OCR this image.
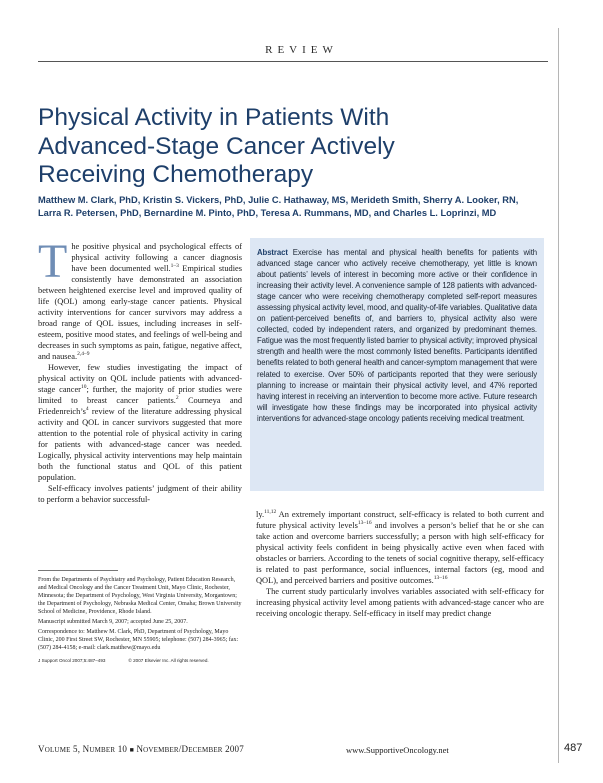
REVIEW
Physical Activity in Patients With
Advanced-Stage Cancer Actively
Receiving Chemotherapy
Matthew M. Clark, PhD, Kristin S. Vickers, PhD, Julie C. Hathaway, MS, Merideth Smith, Sherry A. Looker, RN,
Larra R. Petersen, PhD, Bernardine M. Pinto, PhD, Teresa A. Rummans, MD, and Charles L. Loprinzi, MD

The positive physical and psychological effects of physical activity following a cancer diagnosis have been documented well.$^{1-3}$ Empirical studies consistently have demonstrated an association between heightened exercise level and improved quality of life (QOL) among early-stage cancer patients. Physical activity interventions for cancer survivors may address a broad range of QOL issues, including increases in self-esteem, positive mood states, and feelings of well-being and decreases in such symptoms as pain, fatigue, negative affect, and nausea.$^{2,4-9}$

However, few studies investigating the impact of physical activity on QOL include patients with advanced-stage cancer$^{10}$; further, the majority of prior studies were limited to breast cancer patients.$^2$ Courneya and $Friedenreich’s^4$ review of the literature addressing physical activity and QOL in cancer survivors suggested that more attention to the potential role of physical activity in caring for patients with advanced-stage cancer was needed. Logically, physical activity interventions may help maintain both the functional status and QOL of this patient population.

Self-efficacy involves patients’ judgment of their ability to perform a behavior successful-

From the Departments of Psychiatry and Psychology, Patient Education Research, and Medical Oncology and the Cancer Treatment Unit, Mayo Clinic, Rochester, Minnesota; the Department of Psychology, West Virginia University, Morgantown; the Department of Psychology, Nebraska Medical Center, Omaha; Brown University School of Medicine, Providence, Rhode Island.

Manuscript submitted March 9, 2007; accepted June 25, 2007.

Correspondence to: Matthew M. Clark, PhD, Department of Psychology, Mayo Clinic, 200 First Street SW, Rochester, MN 55905; telephone: (507) 284-3965; fax: (507) 284-4158; e-mail: clark.matthew@mayo.edu

J Support Oncol 2007;5:487–493	© 2007 Elsevier Inc. All rights reserved.

Abstract Exercise has mental and physical health benefits for patients with advanced stage cancer who actively receive chemotherapy, yet little is known about patients’ levels of interest in becoming more active or their confidence in increasing their activity level. A convenience sample of 128 patients with advanced-stage cancer who were receiving chemotherapy completed self-report measures assessing physical activity level, mood, and quality-of-life variables. Qualitative data on patient-perceived benefits of, and barriers to, physical activity also were collected, coded by independent raters, and organized by predominant themes. Fatigue was the most frequently listed barrier to physical activity; improved physical strength and health were the most commonly listed benefits. Participants identified benefits related to both general health and cancer-symptom management that were related to exercise. Over 50% of participants reported that they were seriously planning to increase or maintain their physical activity level, and 47% reported having interest in receiving an intervention to become more active. Future research will investigate how these findings may be incorporated into physical activity interventions for advanced-stage oncology patients receiving medical treatment.

ly.$^{11,12}$ An extremely important construct, self-efficacy is related to both current and future physical activity levels$^{13-16}$ and involves a person’s belief that he or she can take action and overcome barriers successfully; a person with high self-efficacy for physical activity feels confident in being physically active even when faced with obstacles or barriers. According to the tenets of social cognitive therapy, self-efficacy is related to past performance, social influences, internal factors (eg, mood and QOL), and perceived barriers and positive outcomes.$^{13-16}$

The current study particularly involves variables associated with self-efficacy for increasing physical activity level among patients with advanced-stage cancer who are receiving oncologic therapy. Self-efficacy in itself may predict change

VOLUME 5, NUMBER 10 ■ NOVEMBER/DECEMBER 2007	www.SupportiveOncology.net	487
